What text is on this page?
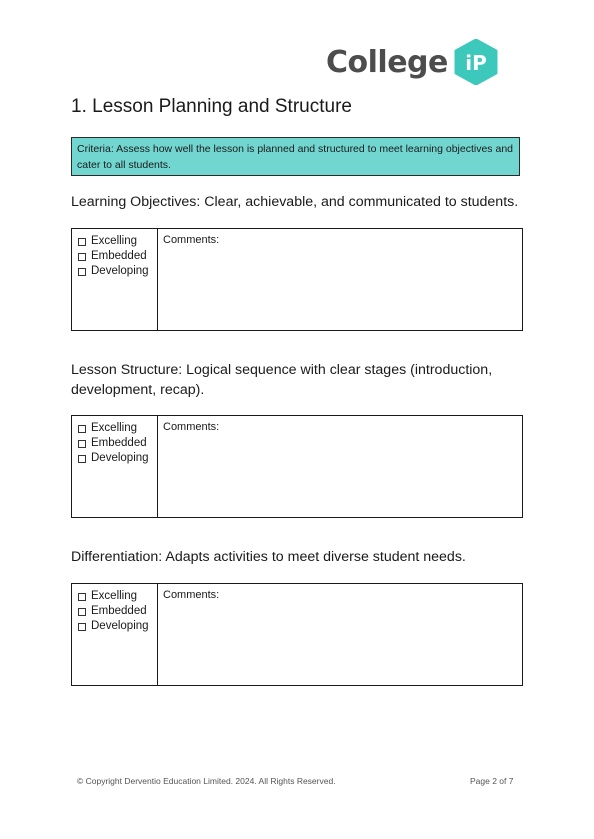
College iP
1. Lesson Planning and Structure
Criteria: Assess how well the lesson is planned and structured to meet learning objectives and cater to all students.

Learning Objectives: Clear, achievable, and communicated to students.

Excelling
Embedded
Developing
Comments:

Lesson Structure: Logical sequence with clear stages (introduction, development, recap).

Excelling
Embedded
Developing
Comments:

Differentiation: Adapts activities to meet diverse student needs.

Excelling
Embedded
Developing
Comments:
© Copyright Derventio Education Limited. 2024. All Rights Reserved.	Page 2 of 7
